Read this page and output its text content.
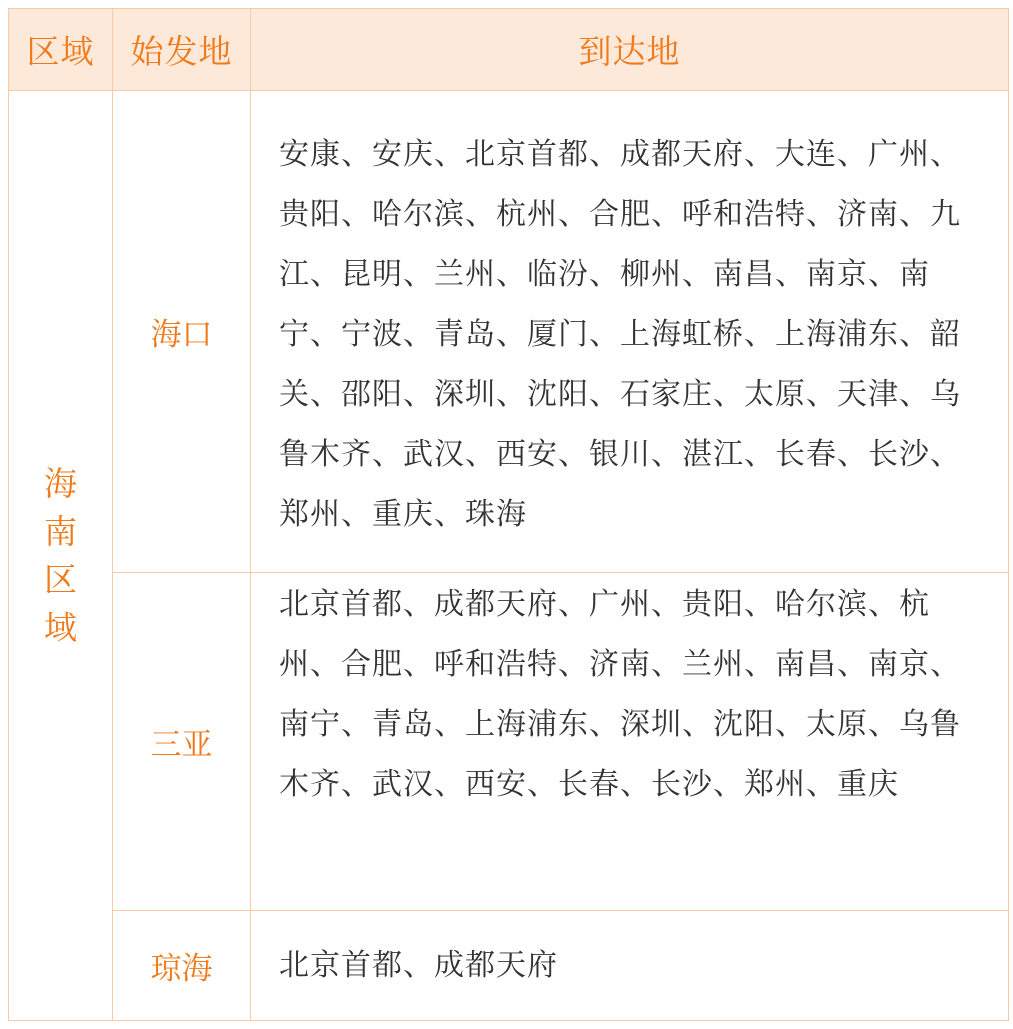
区域	始发地	到达地
海南区域	海口	安康、安庆、北京首都、成都天府、大连、广州、贵阳、哈尔滨、杭州、合肥、呼和浩特、济南、九江、昆明、兰州、临汾、柳州、南昌、南京、南宁、宁波、青岛、厦门、上海虹桥、上海浦东、韶关、邵阳、深圳、沈阳、石家庄、太原、天津、乌鲁木齐、武汉、西安、银川、湛江、长春、长沙、郑州、重庆、珠海
	三亚	北京首都、成都天府、广州、贵阳、哈尔滨、杭州、合肥、呼和浩特、济南、兰州、南昌、南京、南宁、青岛、上海浦东、深圳、沈阳、太原、乌鲁木齐、武汉、西安、长春、长沙、郑州、重庆
	琼海	北京首都、成都天府
